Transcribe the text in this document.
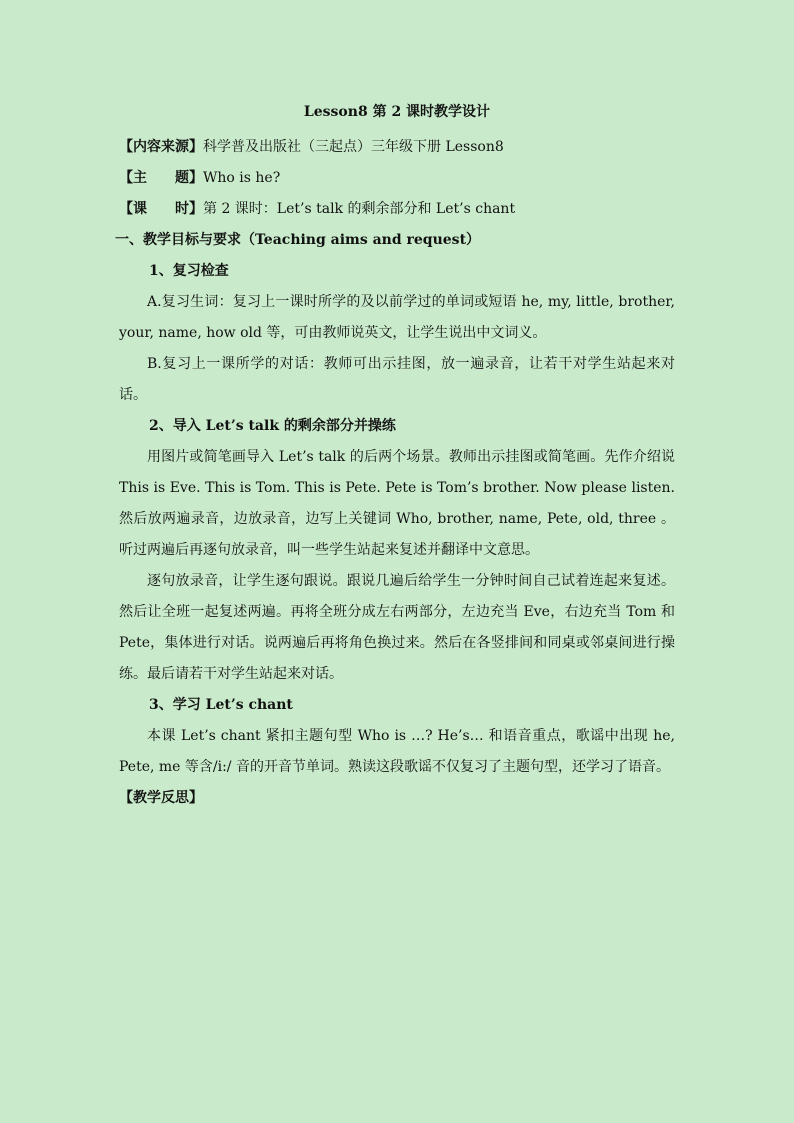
Lesson8 第 2 课时教学设计
【内容来源】科学普及出版社（三起点）三年级下册 Lesson8
【主　　题】Who is he?
【课　　时】第 2 课时：Let’s talk 的剩余部分和 Let’s chant
一、教学目标与要求（Teaching aims and request）
1、复习检查
A.复习生词：复习上一课时所学的及以前学过的单词或短语 he, my, little, brother, your, name, how old 等，可由教师说英文，让学生说出中文词义。
B.复习上一课所学的对话：教师可出示挂图，放一遍录音，让若干对学生站起来对话。
2、导入 Let’s talk 的剩余部分并操练
用图片或简笔画导入 Let’s talk 的后两个场景。教师出示挂图或简笔画。先作介绍说 This is Eve. This is Tom. This is Pete. Pete is Tom’s brother. Now please listen. 然后放两遍录音，边放录音，边写上关键词 Who, brother, name, Pete, old, three 。听过两遍后再逐句放录音，叫一些学生站起来复述并翻译中文意思。
逐句放录音，让学生逐句跟说。跟说几遍后给学生一分钟时间自己试着连起来复述。然后让全班一起复述两遍。再将全班分成左右两部分，左边充当 Eve，右边充当 Tom 和 Pete，集体进行对话。说两遍后再将角色换过来。然后在各竖排间和同桌或邻桌间进行操练。最后请若干对学生站起来对话。
3、学习 Let’s chant
本课 Let’s chant 紧扣主题句型 Who is …? He’s… 和语音重点，歌谣中出现 he, Pete, me 等含/i:/ 音的开音节单词。熟读这段歌谣不仅复习了主题句型，还学习了语音。
【教学反思】
